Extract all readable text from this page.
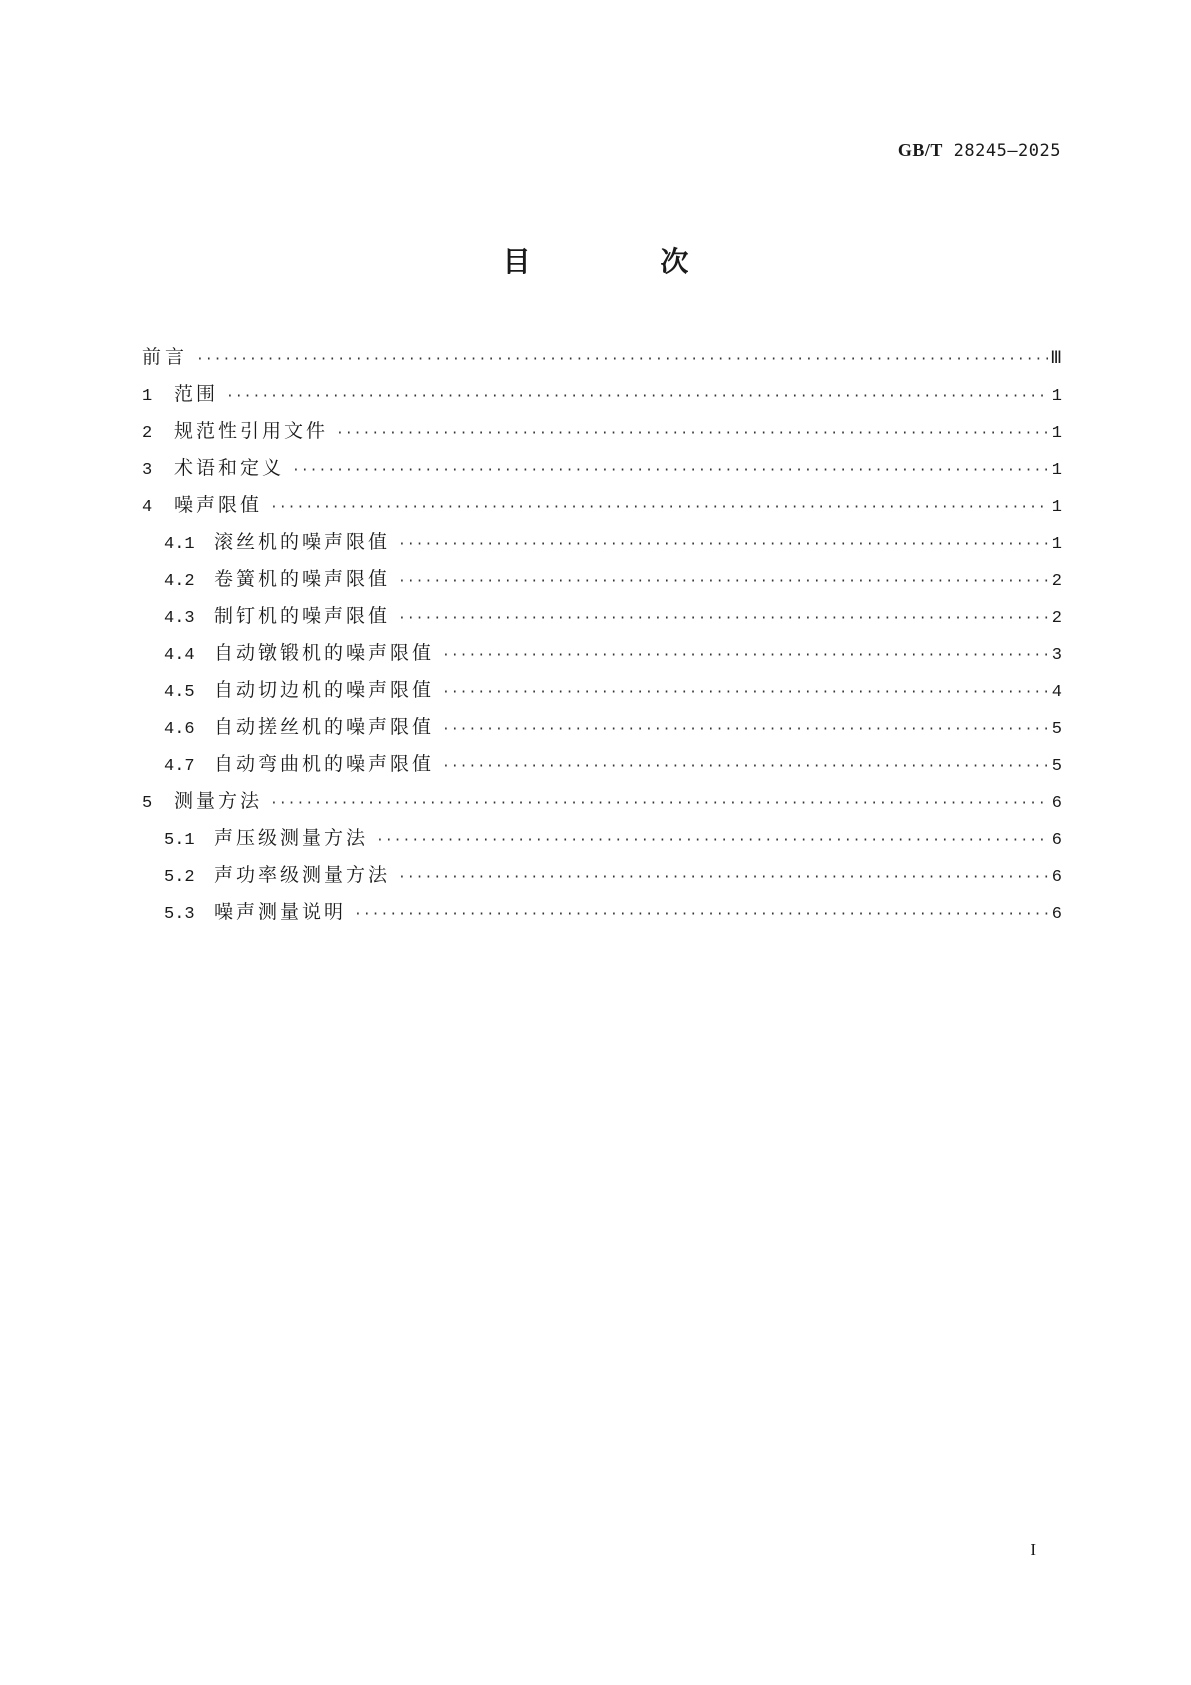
GB/T 28245—2025
目 次
前言 ·····	Ⅲ
1	范围 ·····	1
2	规范性引用文件 ·····	1
3	术语和定义 ·····	1
4	噪声限值 ·····	1
4.1	滚丝机的噪声限值 ·····	1
4.2	卷簧机的噪声限值 ·····	2
4.3	制钉机的噪声限值 ·····	2
4.4	自动镦锻机的噪声限值 ·····	3
4.5	自动切边机的噪声限值 ·····	4
4.6	自动搓丝机的噪声限值 ·····	5
4.7	自动弯曲机的噪声限值 ·····	5
5	测量方法 ·····	6
5.1	声压级测量方法 ·····	6
5.2	声功率级测量方法 ·····	6
5.3	噪声测量说明 ·····	6
I
